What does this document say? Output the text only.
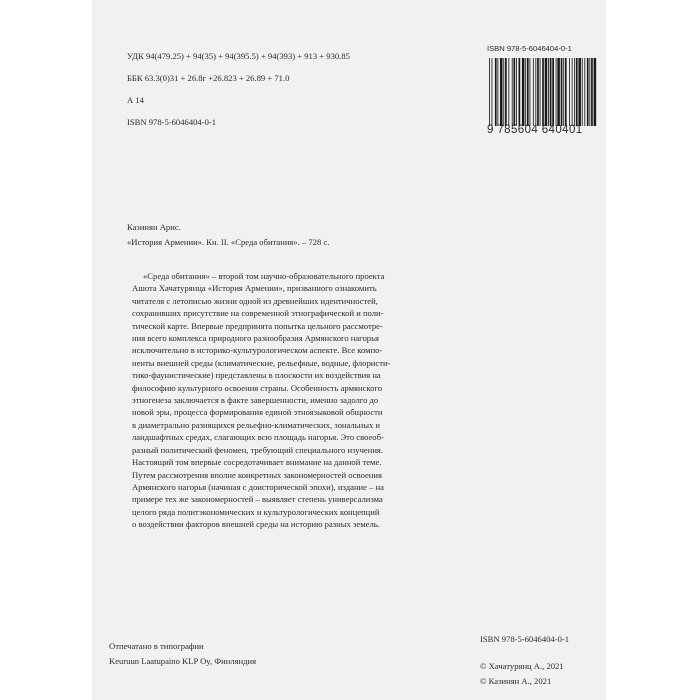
УДК 94(479.25) + 94(35) + 94(395.5) + 94(393) + 913 + 930.85
ББК 63.3(0)31 + 26.8г +26.823 + 26.89 + 71.0
А 14
ISBN 978-5-6046404-0-1
ISBN 978-5-6046404-0-1
9 785604 640401
Казинян Арис.
«История Армении». Кн. II. «Среда обитания». – 728 с.
«Среда обитания» – второй том научно-образовательного проекта
Ашота Хачатурянца «История Армении», призванного ознакомить
читателя с летописью жизни одной из древнейших идентичностей,
сохранивших присутствие на современной этнографической и поли-
тической карте. Впервые предпринята попытка цельного рассмотре-
ния всего комплекса природного разнообразия Армянского нагорья
исключительно в историко-культурологическом аспекте. Все компо-
ненты внешней среды (климатические, рельефные, водные, флористи-
тико-фаунистические) представлены в плоскости их воздействия на
философию культурного освоения страны. Особенность армянского
этногенеза заключается в факте завершенности, именно задолго до
новой эры, процесса формирования единой этноязыковой общности
в диаметрально разнящихся рельефно-климатических, зональных и
ландшафтных средах, слагающих всю площадь нагорья. Это своеоб-
разный политический феномен, требующий специального изучения.
Настоящий том впервые сосредотачивает внимание на данной теме.
Путем рассмотрения вполне конкретных закономерностей освоения
Армянского нагорья (начиная с доисторической эпохи), издание – на
примере тех же закономерностей – выявляет степень универсализма
целого ряда политэкономических и культурологических концепций
о воздействии факторов внешней среды на историю разных земель.
Отпечатано в типографии
Keuruun Laatupaino KLP Oy, Финляндия
ISBN 978-5-6046404-0-1
© Хачатурянц А., 2021
© Казинян А., 2021
